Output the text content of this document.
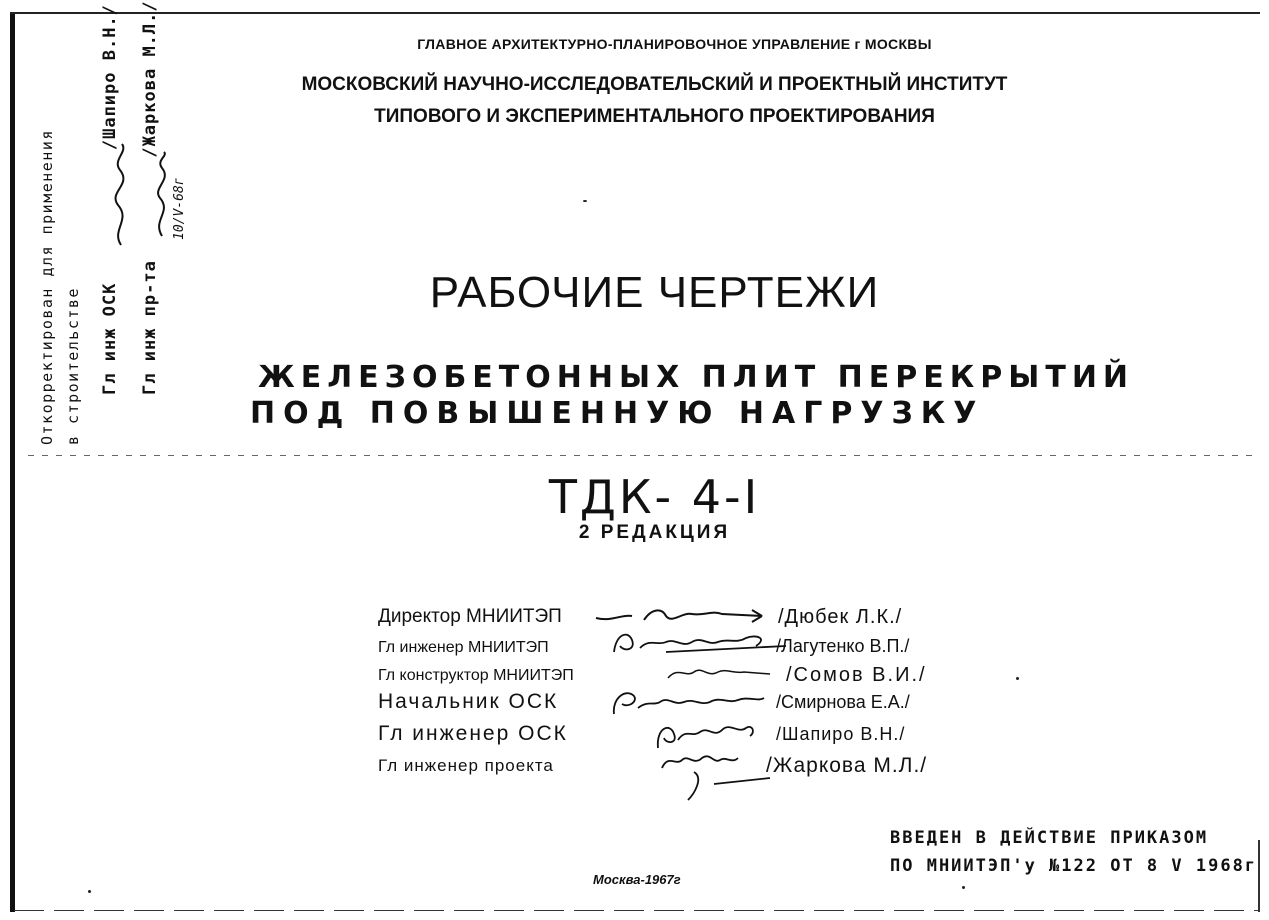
Откорректирован для применения в строительстве Гл инж ОСК  /Шапиро В.Н./
Гл инж пр-та  /Жаркова М.Л./
10/V-68г
ГЛАВНОЕ АРХИТЕКТУРНО-ПЛАНИРОВОЧНОЕ УПРАВЛЕНИЕ г МОСКВЫ
МОСКОВСКИЙ НАУЧНО-ИССЛЕДОВАТЕЛЬСКИЙ И ПРОЕКТНЫЙ ИНСТИТУТ
ТИПОВОГО И ЭКСПЕРИМЕНТАЛЬНОГО ПРОЕКТИРОВАНИЯ
РАБОЧИЕ ЧЕРТЕЖИ
ЖЕЛЕЗОБЕТОННЫХ ПЛИТ ПЕРЕКРЫТИЙ
ПОД ПОВЫШЕННУЮ НАГРУЗКУ
ТДК- 4-I
2 РЕДАКЦИЯ
Директор МНИИТЭП	/Дюбек Л.К./
Гл инженер МНИИТЭП	/Лагутенко В.П./
Гл конструктор МНИИТЭП	/Сомов В.И./
Начальник ОСК	/Смирнова Е.А./
Гл инженер ОСК	/Шапиро В.Н./
Гл инженер проекта	/Жаркова М.Л./
ВВЕДЕН В ДЕЙСТВИЕ ПРИКАЗОМ
ПО МНИИТЭП'у №122 ОТ 8 V 1968г
Москва-1967г
